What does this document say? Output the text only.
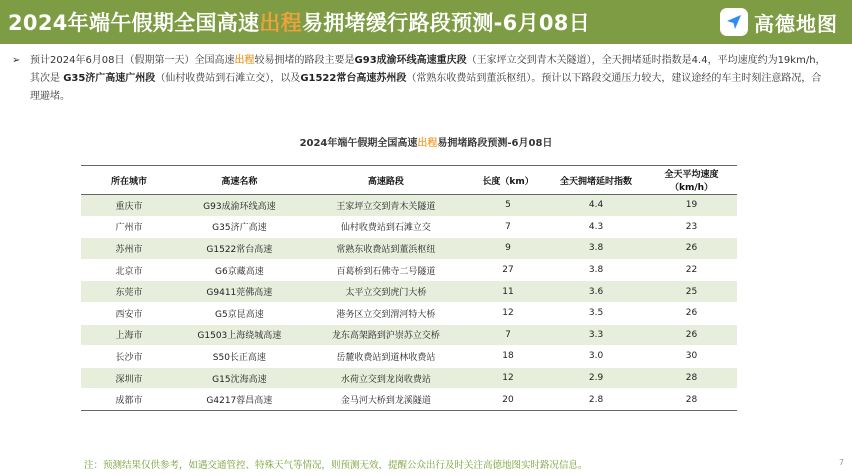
2024年端午假期全国高速出程易拥堵缓行路段预测-6月08日	高德地图
➢ 预计2024年6月08日（假期第一天）全国高速出程较易拥堵的路段主要是G93成渝环线高速重庆段（王家坪立交到青木关隧道），全天拥堵延时指数是4.4，平均速度约为19km/h，其次是 G35济广高速广州段（仙村收费站到石滩立交），以及G1522常台高速苏州段（常熟东收费站到董浜枢纽）。预计以下路段交通压力较大，建议途经的车主时刻注意路况，合理避堵。
2024年端午假期全国高速出程易拥堵路段预测-6月08日
所在城市	高速名称	高速路段	长度（km）	全天拥堵延时指数	全天平均速度（km/h）
重庆市	G93成渝环线高速	王家坪立交到青木关隧道	5	4.4	19
广州市	G35济广高速	仙村收费站到石滩立交	7	4.3	23
苏州市	G1522常台高速	常熟东收费站到董浜枢纽	9	3.8	26
北京市	G6京藏高速	百葛桥到石佛寺二号隧道	27	3.8	22
东莞市	G9411莞佛高速	太平立交到虎门大桥	11	3.6	25
西安市	G5京昆高速	港务区立交到渭河特大桥	12	3.5	26
上海市	G1503上海绕城高速	龙东高架路到沪崇苏立交桥	7	3.3	26
长沙市	S50长正高速	岳麓收费站到道林收费站	18	3.0	30
深圳市	G15沈海高速	水荷立交到龙岗收费站	12	2.9	28
成都市	G4217蓉昌高速	金马河大桥到龙溪隧道	20	2.8	28
注：预测结果仅供参考，如遇交通管控、特殊天气等情况，则预测无效，提醒公众出行及时关注高德地图实时路况信息。	7
